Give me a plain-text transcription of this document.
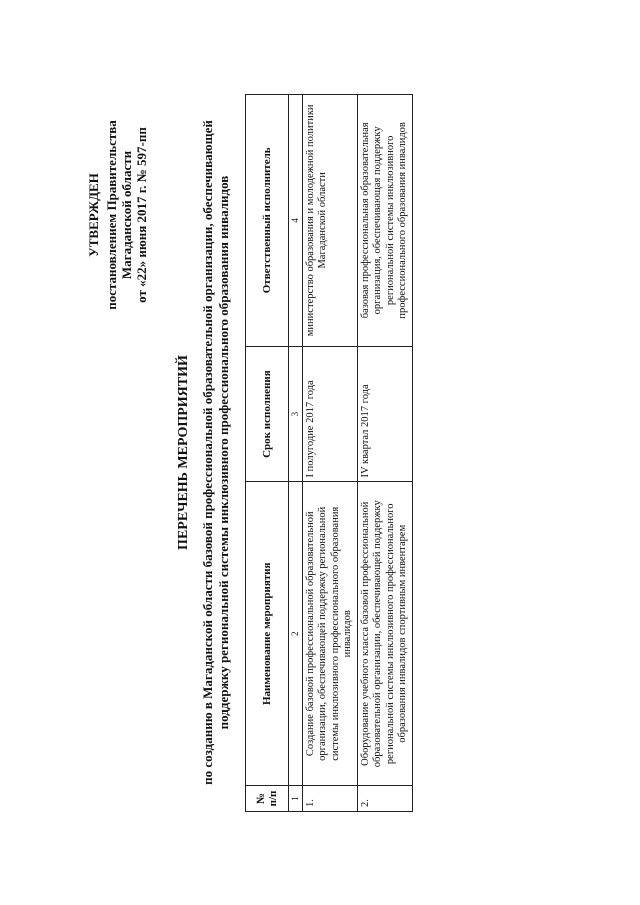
УТВЕРЖДЕН постановлением Правительства Магаданской области от «22» июня 2017 г. № 597-пп
ПЕРЕЧЕНЬ МЕРОПРИЯТИЙ по созданию в Магаданской области базовой профессиональной образовательной организации, обеспечивающей поддержку региональной системы инклюзивного профессионального образования инвалидов
№ п/п	Наименование мероприятия	Срок исполнения	Ответственный исполнитель
1	2	3	4
1.	Создание базовой профессиональной образовательной организации, обеспечивающей поддержку региональной системы инклюзивного профессионального образования инвалидов	I полугодие 2017 года	министерство образования и молодежной политики Магаданской области
2.	Оборудование учебного класса базовой профессиональной образовательной организации, обеспечивающей поддержку региональной системы инклюзивного профессионального образования инвалидов спортивным инвентарем	IV квартал 2017 года	базовая профессиональная образовательная организация, обеспечивающая поддержку региональной системы инклюзивного профессионального образования инвалидов
